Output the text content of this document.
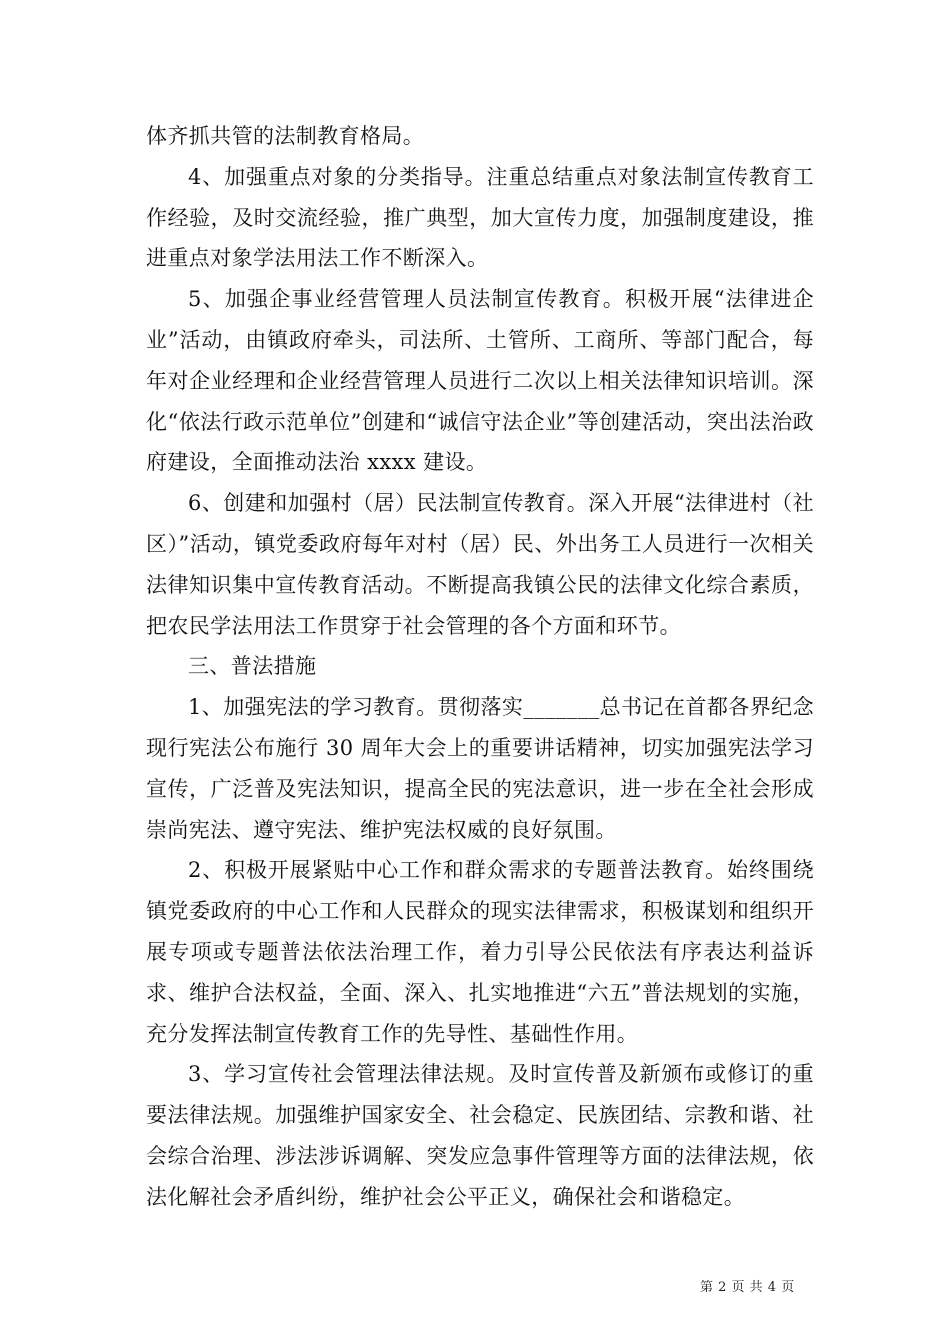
体齐抓共管的法制教育格局。

4、加强重点对象的分类指导。注重总结重点对象法制宣传教育工作经验，及时交流经验，推广典型，加大宣传力度，加强制度建设，推进重点对象学法用法工作不断深入。

5、加强企事业经营管理人员法制宣传教育。积极开展“法律进企业”活动，由镇政府牵头，司法所、土管所、工商所、等部门配合，每年对企业经理和企业经营管理人员进行二次以上相关法律知识培训。深化“依法行政示范单位”创建和“诚信守法企业”等创建活动，突出法治政府建设，全面推动法治 xxxx 建设。

6、创建和加强村（居）民法制宣传教育。深入开展“法律进村（社区）”活动，镇党委政府每年对村（居）民、外出务工人员进行一次相关法律知识集中宣传教育活动。不断提高我镇公民的法律文化综合素质，把农民学法用法工作贯穿于社会管理的各个方面和环节。

三、普法措施

1、加强宪法的学习教育。贯彻落实_______总书记在首都各界纪念现行宪法公布施行 30 周年大会上的重要讲话精神，切实加强宪法学习宣传，广泛普及宪法知识，提高全民的宪法意识，进一步在全社会形成崇尚宪法、遵守宪法、维护宪法权威的良好氛围。

2、积极开展紧贴中心工作和群众需求的专题普法教育。始终围绕镇党委政府的中心工作和人民群众的现实法律需求，积极谋划和组织开展专项或专题普法依法治理工作，着力引导公民依法有序表达利益诉求、维护合法权益，全面、深入、扎实地推进“六五”普法规划的实施，充分发挥法制宣传教育工作的先导性、基础性作用。

3、学习宣传社会管理法律法规。及时宣传普及新颁布或修订的重要法律法规。加强维护国家安全、社会稳定、民族团结、宗教和谐、社会综合治理、涉法涉诉调解、突发应急事件管理等方面的法律法规，依法化解社会矛盾纠纷，维护社会公平正义，确保社会和谐稳定。

第 2 页 共 4 页
